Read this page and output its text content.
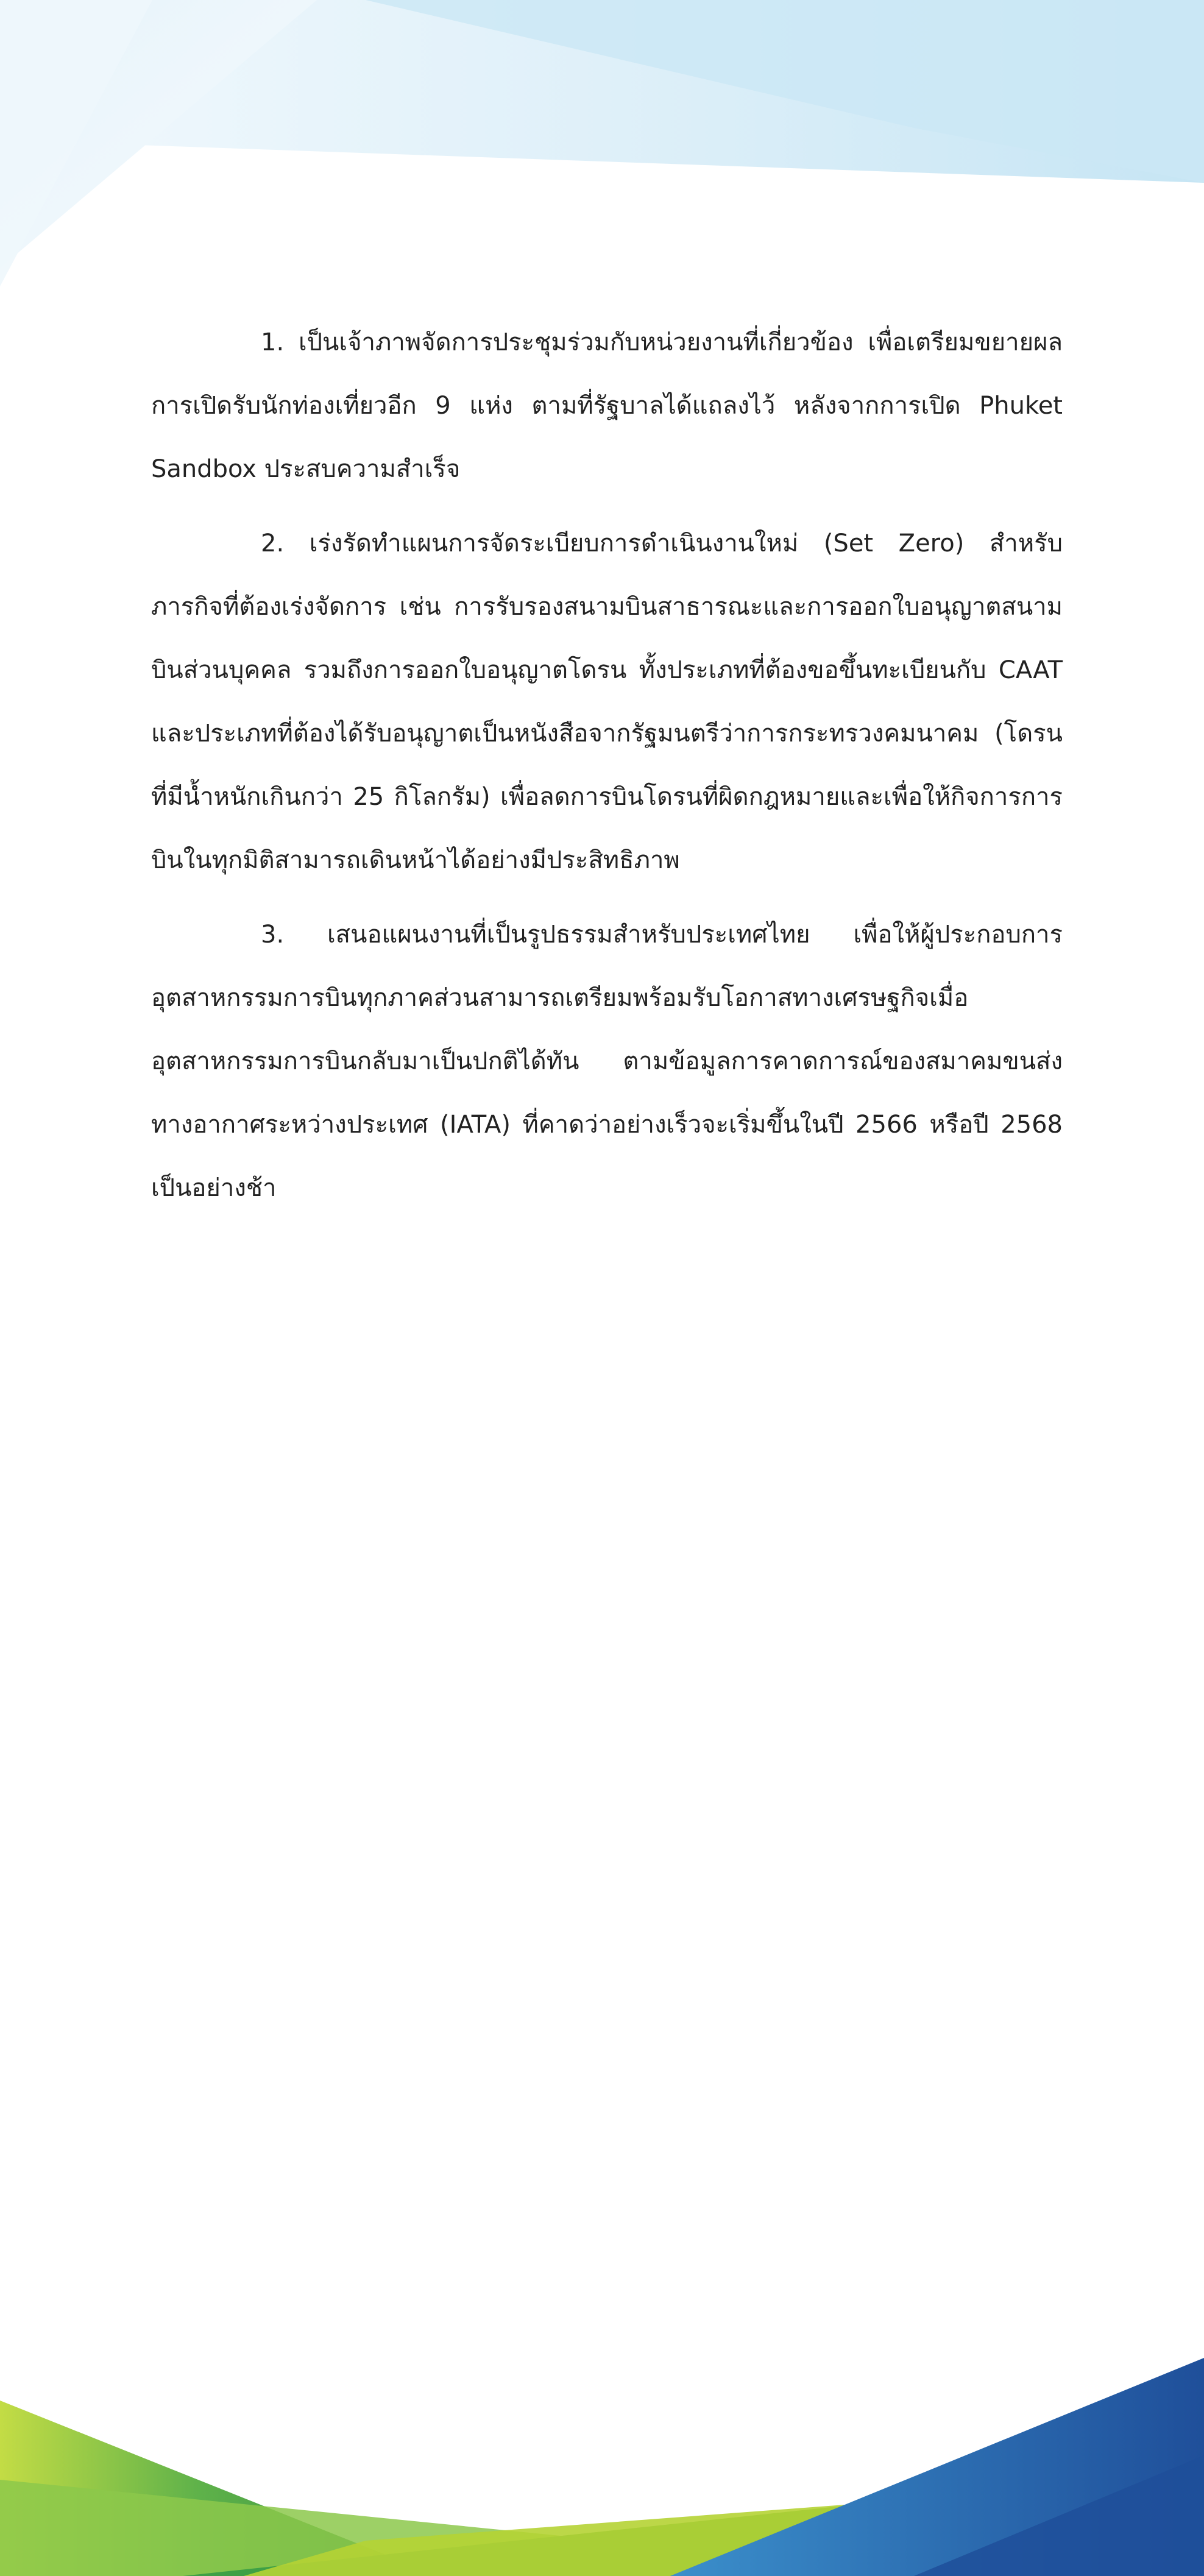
1. เป็นเจ้าภาพจัดการประชุมร่วมกับหน่วยงานที่เกี่ยวข้อง เพื่อเตรียมขยายผลการเปิดรับนักท่องเที่ยวอีก 9 แห่ง ตามที่รัฐบาลได้แถลงไว้ หลังจากการเปิด Phuket Sandbox ประสบความสำเร็จ

2. เร่งรัดทำแผนการจัดระเบียบการดำเนินงานใหม่ (Set Zero) สำหรับภารกิจที่ต้องเร่งจัดการ เช่น การรับรองสนามบินสาธารณะและการออกใบอนุญาตสนามบินส่วนบุคคล รวมถึงการออกใบอนุญาตโดรน ทั้งประเภทที่ต้องขอขึ้นทะเบียนกับ CAAT และประเภทที่ต้องได้รับอนุญาตเป็นหนังสือจากรัฐมนตรีว่าการกระทรวงคมนาคม (โดรนที่มีน้ำหนักเกินกว่า 25 กิโลกรัม) เพื่อลดการบินโดรนที่ผิดกฎหมายและเพื่อให้กิจการการบินในทุกมิติสามารถเดินหน้าได้อย่างมีประสิทธิภาพ

3. เสนอแผนงานที่เป็นรูปธรรมสำหรับประเทศไทย เพื่อให้ผู้ประกอบการอุตสาหกรรมการบินทุกภาคส่วนสามารถเตรียมพร้อมรับโอกาสทางเศรษฐกิจเมื่ออุตสาหกรรมการบินกลับมาเป็นปกติได้ทัน ตามข้อมูลการคาดการณ์ของสมาคมขนส่งทางอากาศระหว่างประเทศ (IATA) ที่คาดว่าอย่างเร็วจะเริ่มขึ้นในปี 2566 หรือปี 2568 เป็นอย่างช้า
